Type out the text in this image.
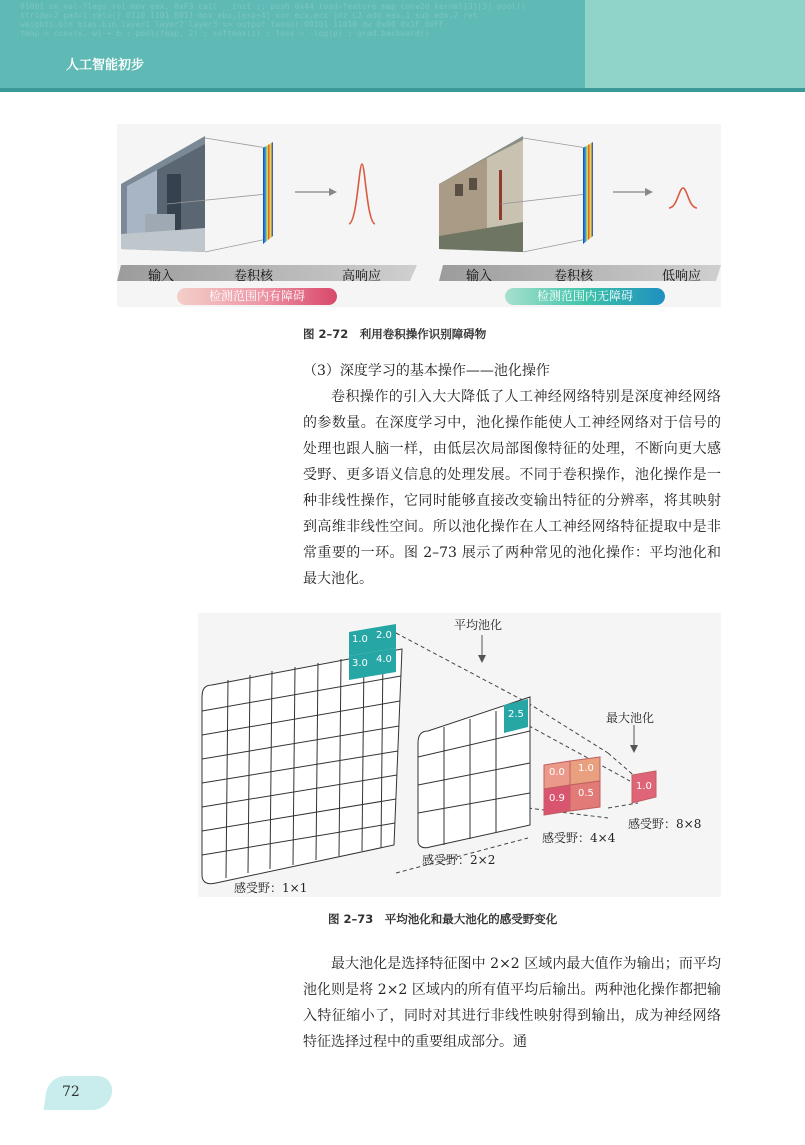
01001 sk_val-flags rol mov eax, 0xF3 call __init ;; push 0x44 load-feature map conv2d kernel[3][3] pool()
stride=2 pad=1 relu() 0110 1101 0011 mov ebx,[esp+4] xor ecx,ecx jnz L2 add eax,1 sub edx,2 ret
weights.bin bias.bin layer1 layer2 layer3 => output tensor 00101 11010 dw 0x00 0x1F 0xFF
fmap = conv(x, w) + b ; pool(fmap, 2) ; softmax(z) ; loss = -log(p) ; grad.backward()
人工智能初步
输入	卷积核	高响应
检测范围内有障碍
输入	卷积核	低响应
检测范围内无障碍
图 2–72　利用卷积操作识别障碍物
（3）深度学习的基本操作——池化操作
卷积操作的引入大大降低了人工神经网络特别是深度神经网络的参数量。在深度学习中，池化操作能使人工神经网络对于信号的处理也跟人脑一样，由低层次局部图像特征的处理，不断向更大感受野、更多语义信息的处理发展。不同于卷积操作，池化操作是一种非线性操作，它同时能够直接改变输出特征的分辨率，将其映射到高维非线性空间。所以池化操作在人工神经网络特征提取中是非常重要的一环。图 2–73 展示了两种常见的池化操作：平均池化和最大池化。
1.0 2.0
3.0 4.0
2.5
0.0 1.0
0.9 0.5
1.0
平均池化
最大池化
感受野：8×8
感受野：4×4
感受野：2×2
感受野：1×1
图 2–73　平均池化和最大池化的感受野变化
最大池化是选择特征图中 2×2 区域内最大值作为输出；而平均池化则是将 2×2 区域内的所有值平均后输出。两种池化操作都把输入特征缩小了，同时对其进行非线性映射得到输出，成为神经网络特征选择过程中的重要组成部分。通
72
